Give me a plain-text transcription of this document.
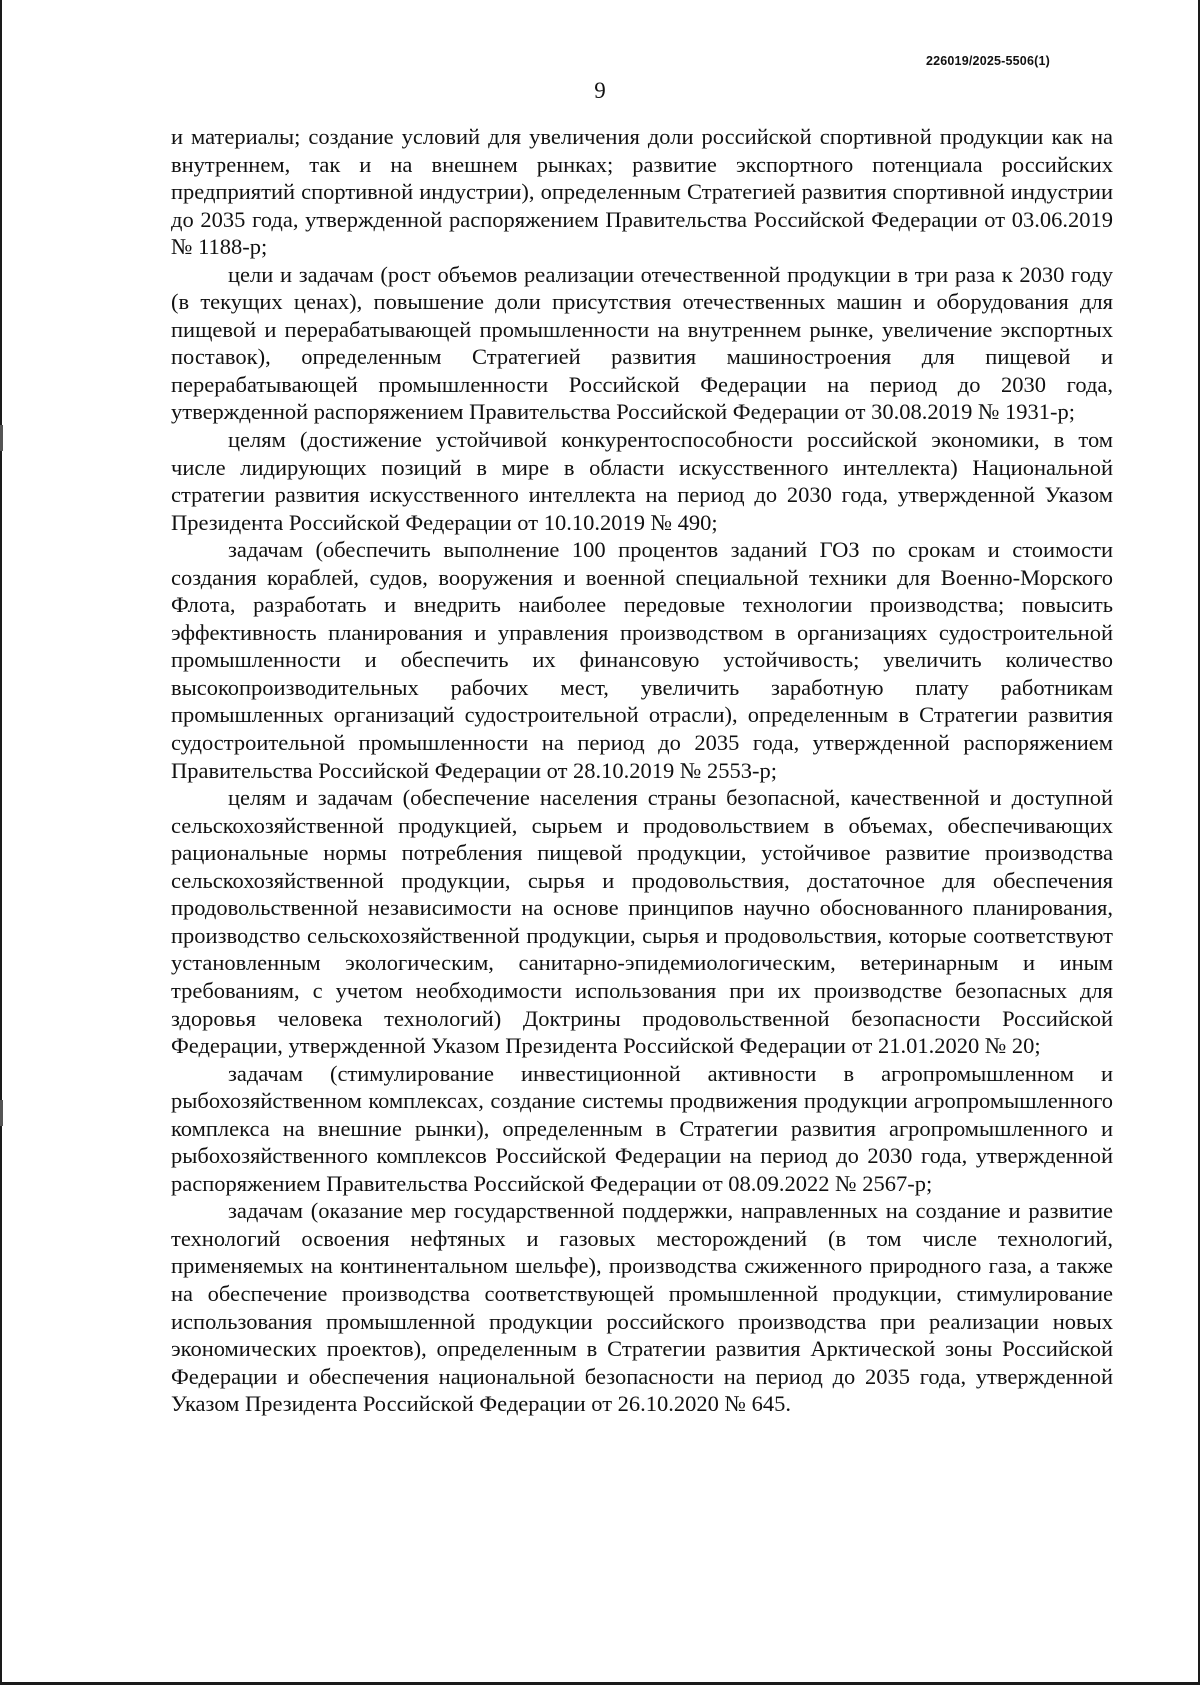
226019/2025-5506(1)
9

и материалы; создание условий для увеличения доли российской спортивной продукции как на внутреннем, так и на внешнем рынках; развитие экспортного потенциала российских предприятий спортивной индустрии), определенным Стратегией развития спортивной индустрии до 2035 года, утвержденной распоряжением Правительства Российской Федерации от 03.06.2019 № 1188-р;

цели и задачам (рост объемов реализации отечественной продукции в три раза к 2030 году (в текущих ценах), повышение доли присутствия отечественных машин и оборудования для пищевой и перерабатывающей промышленности на внутреннем рынке, увеличение экспортных поставок), определенным Стратегией развития машиностроения для пищевой и перерабатывающей промышленности Российской Федерации на период до 2030 года, утвержденной распоряжением Правительства Российской Федерации от 30.08.2019 № 1931-р;

целям (достижение устойчивой конкурентоспособности российской экономики, в том числе лидирующих позиций в мире в области искусственного интеллекта) Национальной стратегии развития искусственного интеллекта на период до 2030 года, утвержденной Указом Президента Российской Федерации от 10.10.2019 № 490;

задачам (обеспечить выполнение 100 процентов заданий ГОЗ по срокам и стоимости создания кораблей, судов, вооружения и военной специальной техники для Военно-Морского Флота, разработать и внедрить наиболее передовые технологии производства; повысить эффективность планирования и управления производством в организациях судостроительной промышленности и обеспечить их финансовую устойчивость; увеличить количество высокопроизводительных рабочих мест, увеличить заработную плату работникам промышленных организаций судостроительной отрасли), определенным в Стратегии развития судостроительной промышленности на период до 2035 года, утвержденной распоряжением Правительства Российской Федерации от 28.10.2019 № 2553-р;

целям и задачам (обеспечение населения страны безопасной, качественной и доступной сельскохозяйственной продукцией, сырьем и продовольствием в объемах, обеспечивающих рациональные нормы потребления пищевой продукции, устойчивое развитие производства сельскохозяйственной продукции, сырья и продовольствия, достаточное для обеспечения продовольственной независимости на основе принципов научно обоснованного планирования, производство сельскохозяйственной продукции, сырья и продовольствия, которые соответствуют установленным экологическим, санитарно-эпидемиологическим, ветеринарным и иным требованиям, с учетом необходимости использования при их производстве безопасных для здоровья человека технологий) Доктрины продовольственной безопасности Российской Федерации, утвержденной Указом Президента Российской Федерации от 21.01.2020 № 20;

задачам (стимулирование инвестиционной активности в агропромышленном и рыбохозяйственном комплексах, создание системы продвижения продукции агропромышленного комплекса на внешние рынки), определенным в Стратегии развития агропромышленного и рыбохозяйственного комплексов Российской Федерации на период до 2030 года, утвержденной распоряжением Правительства Российской Федерации от 08.09.2022 № 2567-р;

задачам (оказание мер государственной поддержки, направленных на создание и развитие технологий освоения нефтяных и газовых месторождений (в том числе технологий, применяемых на континентальном шельфе), производства сжиженного природного газа, а также на обеспечение производства соответствующей промышленной продукции, стимулирование использования промышленной продукции российского производства при реализации новых экономических проектов), определенным в Стратегии развития Арктической зоны Российской Федерации и обеспечения национальной безопасности на период до 2035 года, утвержденной Указом Президента Российской Федерации от 26.10.2020 № 645.
